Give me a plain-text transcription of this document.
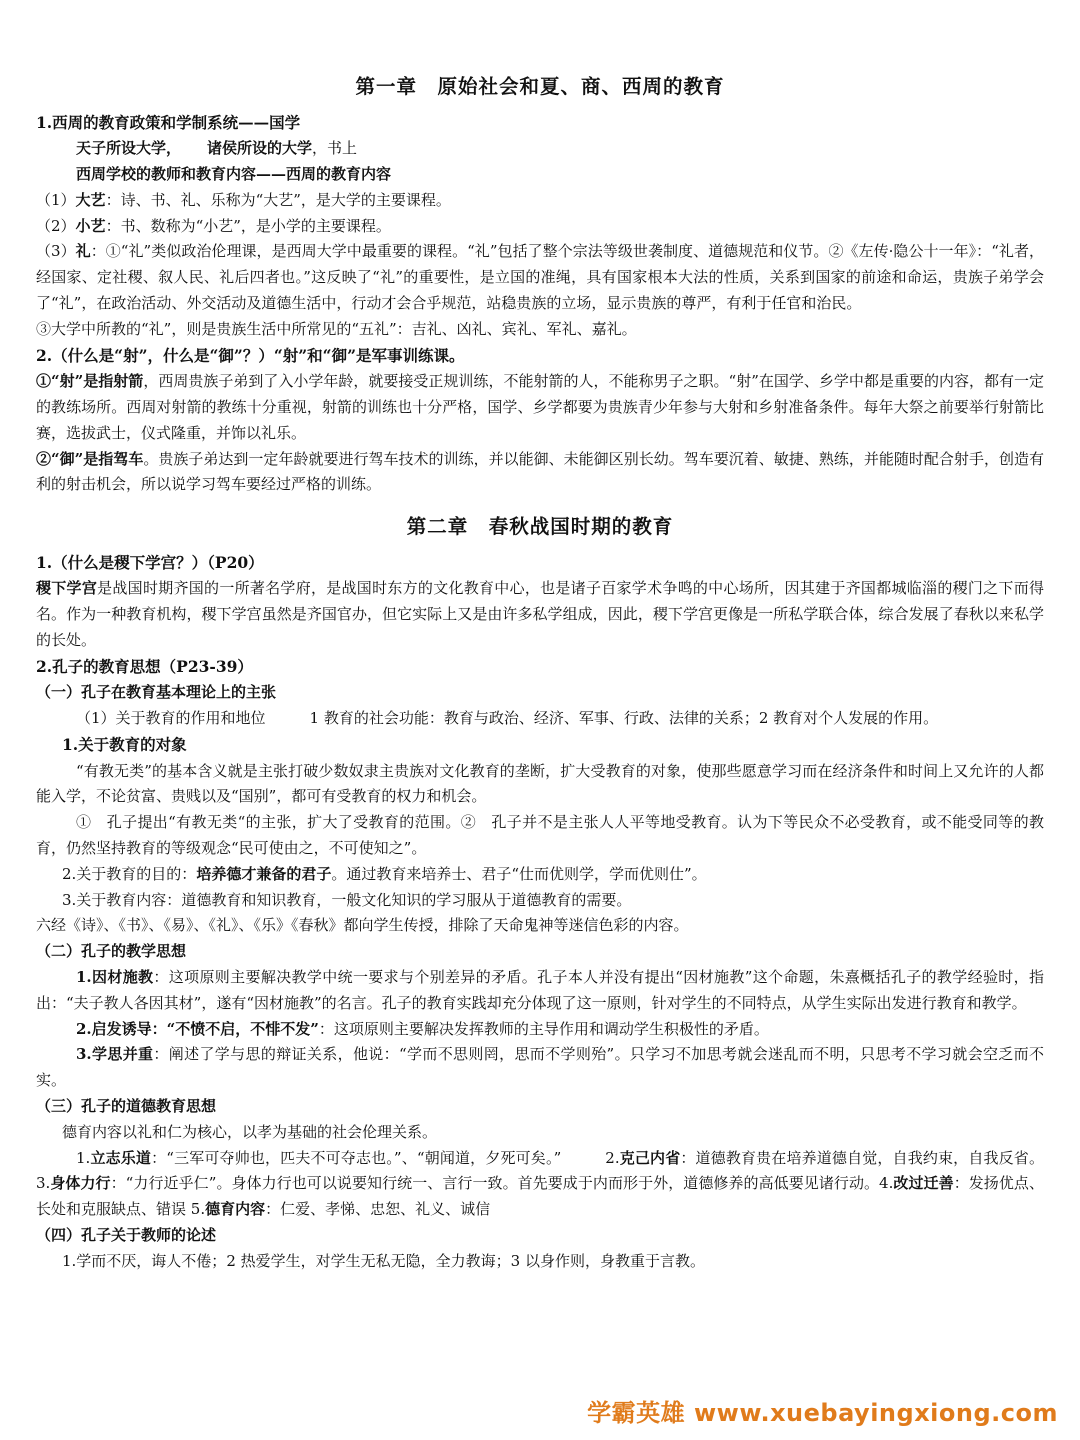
第一章　原始社会和夏、商、西周的教育

1.西周的教育政策和学制系统——国学

天子所设大学， 诸侯所设的大学，书上

西周学校的教师和教育内容——西周的教育内容

（1）大艺：诗、书、礼、乐称为“大艺”，是大学的主要课程。

（2）小艺：书、数称为“小艺”，是小学的主要课程。

（3）礼：①“礼”类似政治伦理课，是西周大学中最重要的课程。“礼”包括了整个宗法等级世袭制度、道德规范和仪节。②《左传·隐公十一年》：“礼者，经国家、定社稷、叙人民、礼后四者也。”这反映了“礼”的重要性，是立国的准绳，具有国家根本大法的性质，关系到国家的前途和命运，贵族子弟学会了“礼”，在政治活动、外交活动及道德生活中，行动才会合乎规范，站稳贵族的立场，显示贵族的尊严，有利于任官和治民。

③大学中所教的“礼”，则是贵族生活中所常见的“五礼”：吉礼、凶礼、宾礼、军礼、嘉礼。

2.（什么是“射”，什么是“御”？）“射”和“御”是军事训练课。

①“射”是指射箭，西周贵族子弟到了入小学年龄，就要接受正规训练，不能射箭的人，不能称男子之职。“射”在国学、乡学中都是重要的内容，都有一定的教练场所。西周对射箭的教练十分重视，射箭的训练也十分严格，国学、乡学都要为贵族青少年参与大射和乡射准备条件。每年大祭之前要举行射箭比赛，选拔武士，仪式隆重，并饰以礼乐。

②“御”是指驾车。贵族子弟达到一定年龄就要进行驾车技术的训练，并以能御、未能御区别长幼。驾车要沉着、敏捷、熟练，并能随时配合射手，创造有利的射击机会，所以说学习驾车要经过严格的训练。

第二章　春秋战国时期的教育

1.（什么是稷下学宫？）（P20）

稷下学宫是战国时期齐国的一所著名学府，是战国时东方的文化教育中心，也是诸子百家学术争鸣的中心场所，因其建于齐国都城临淄的稷门之下而得名。作为一种教育机构，稷下学宫虽然是齐国官办，但它实际上又是由许多私学组成，因此，稷下学宫更像是一所私学联合体，综合发展了春秋以来私学的长处。

2.孔子的教育思想（P23-39）

（一）孔子在教育基本理论上的主张

（1）关于教育的作用和地位	1 教育的社会功能：教育与政治、经济、军事、行政、法律的关系；2 教育对个人发展的作用。

1.关于教育的对象

“有教无类”的基本含义就是主张打破少数奴隶主贵族对文化教育的垄断，扩大受教育的对象，使那些愿意学习而在经济条件和时间上又允许的人都能入学，不论贫富、贵贱以及“国别”，都可有受教育的权力和机会。

①　孔子提出“有教无类“的主张，扩大了受教育的范围。②　孔子并不是主张人人平等地受教育。认为下等民众不必受教育，或不能受同等的教育，仍然坚持教育的等级观念“民可使由之，不可使知之”。

2.关于教育的目的：培养德才兼备的君子。通过教育来培养士、君子“仕而优则学，学而优则仕”。

3.关于教育内容：道德教育和知识教育，一般文化知识的学习服从于道德教育的需要。

六经《诗》、《书》、《易》、《礼》、《乐》《春秋》都向学生传授，排除了天命鬼神等迷信色彩的内容。

（二）孔子的教学思想

1.因材施教：这项原则主要解决教学中统一要求与个别差异的矛盾。孔子本人并没有提出“因材施教”这个命题，朱熹概括孔子的教学经验时，指出：“夫子教人各因其材”，遂有“因材施教”的名言。孔子的教育实践却充分体现了这一原则，针对学生的不同特点，从学生实际出发进行教育和教学。

2.启发诱导：“不愤不启，不悱不发”：这项原则主要解决发挥教师的主导作用和调动学生积极性的矛盾。

3.学思并重：阐述了学与思的辩证关系，他说：“学而不思则罔，思而不学则殆”。只学习不加思考就会迷乱而不明，只思考不学习就会空乏而不实。

（三）孔子的道德教育思想

德育内容以礼和仁为核心，以孝为基础的社会伦理关系。

1.立志乐道：“三军可夺帅也，匹夫不可夺志也。”、“朝闻道，夕死可矣。”	2.克己内省：道德教育贵在培养道德自觉，自我约束，自我反省。3.身体力行：“力行近乎仁”。身体力行也可以说要知行统一、言行一致。首先要成于内而形于外，道德修养的高低要见诸行动。4.改过迁善：发扬优点、长处和克服缺点、错误 5.德育内容：仁爱、孝悌、忠恕、礼义、诚信

（四）孔子关于教师的论述

1.学而不厌，诲人不倦；2 热爱学生，对学生无私无隐，全力教诲；3 以身作则，身教重于言教。

学霸英雄 www.xuebayingxiong.com
